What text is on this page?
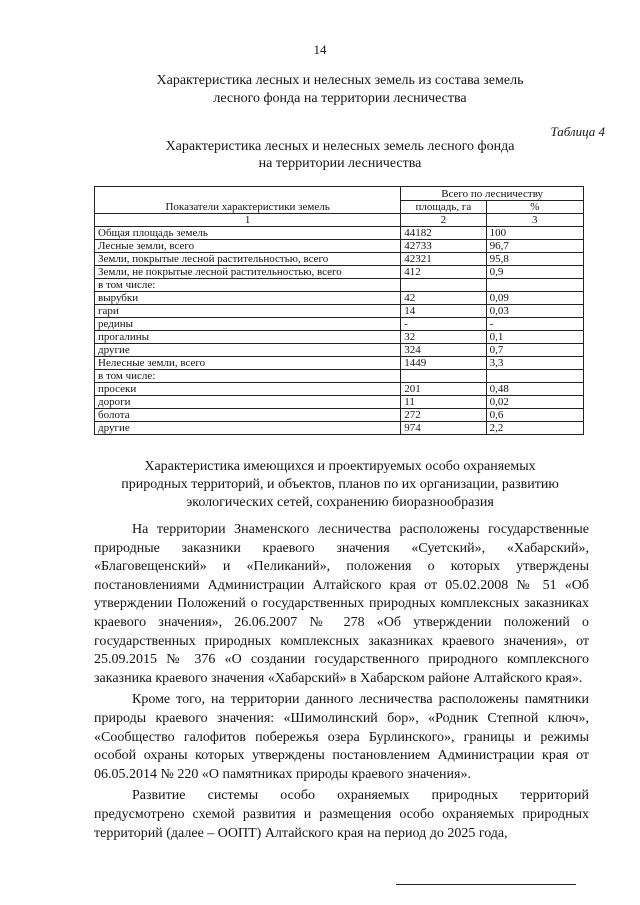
14
Характеристика лесных и нелесных земель из состава земель
лесного фонда на территории лесничества
Таблица 4
Характеристика лесных и нелесных земель лесного фонда
на территории лесничества
Показатели характеристики земель	Всего по лесничеству	
	площадь, га	%
1	2	3
Общая площадь земель	44182	100
Лесные земли, всего	42733	96,7
Земли, покрытые лесной растительностью, всего	42321	95,8
Земли, не покрытые лесной растительностью, всего	412	0,9
в том числе:		
вырубки	42	0,09
гари	14	0,03
редины	-	-
прогалины	32	0,1
другие	324	0,7
Нелесные земли, всего	1449	3,3
в том числе:		
просеки	201	0,48
дороги	11	0,02
болота	272	0,6
другие	974	2,2
Характеристика имеющихся и проектируемых особо охраняемых
природных территорий, и объектов, планов по их организации, развитию
экологических сетей, сохранению биоразнообразия

На территории Знаменского лесничества расположены государственные природные заказники краевого значения «Суетский», «Хабарский», «Благовещенский» и «Пеликаний», положения о которых утверждены постановлениями Администрации Алтайского края от 05.02.2008 № 51 «Об утверждении Положений о государственных природных комплексных заказниках краевого значения», 26.06.2007 № 278 «Об утверждении положений о государственных природных комплексных заказниках краевого значения», от 25.09.2015 № 376 «О создании государственного природного комплексного заказника краевого значения «Хабарский» в Хабарском районе Алтайского края».

Кроме того, на территории данного лесничества расположены памятники природы краевого значения: «Шимолинский бор», «Родник Степной ключ», «Сообщество галофитов побережья озера Бурлинского», границы и режимы особой охраны которых утверждены постановлением Администрации края от 06.05.2014 № 220 «О памятниках природы краевого значения».

Развитие системы особо охраняемых природных территорий предусмотрено схемой развития и размещения особо охраняемых природных территорий (далее – ООПТ) Алтайского края на период до 2025 года,
